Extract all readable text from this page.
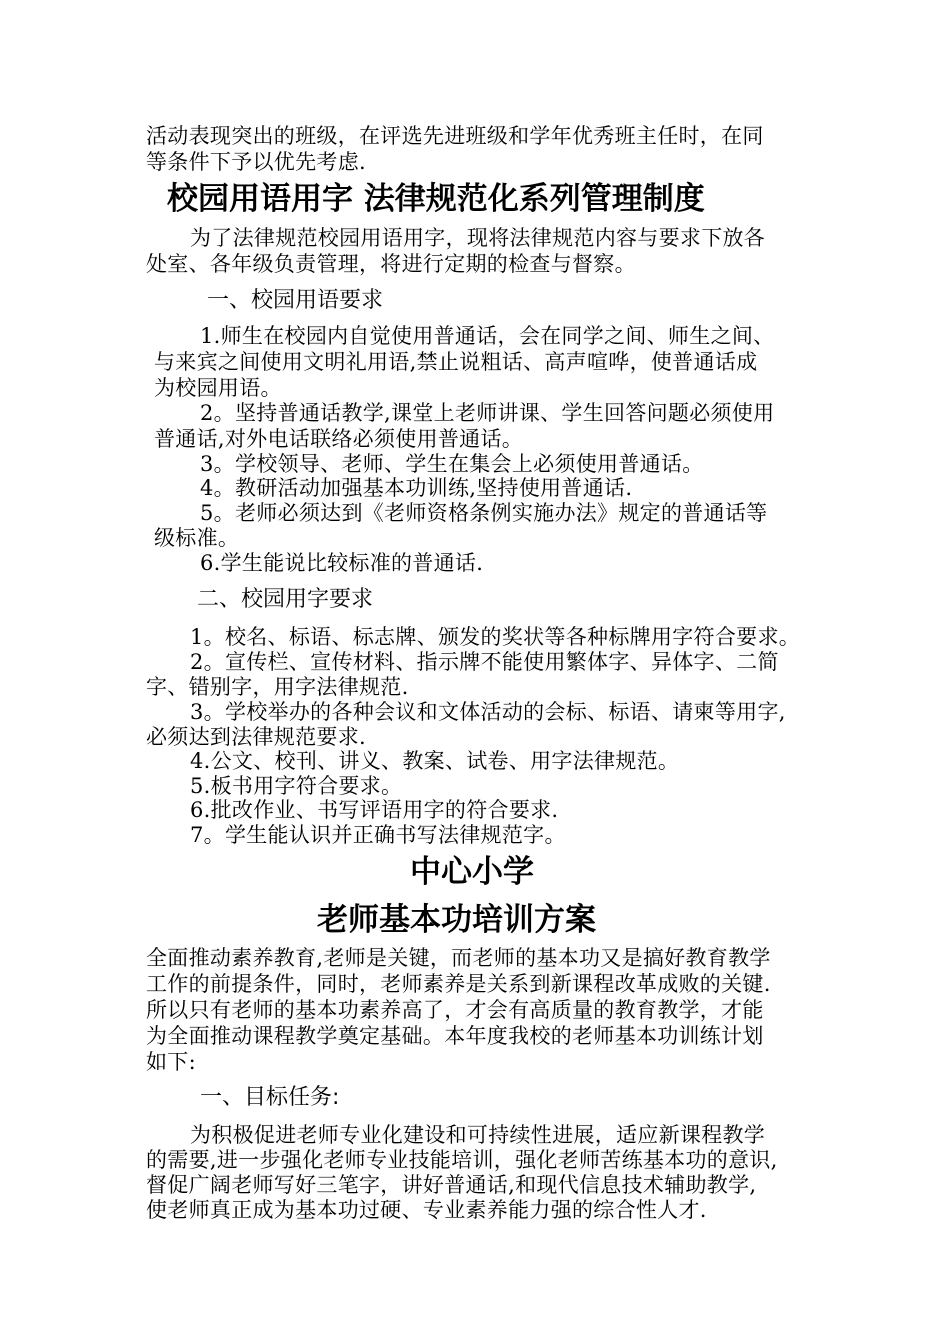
活动表现突出的班级，在评选先进班级和学年优秀班主任时，在同
等条件下予以优先考虑.
校园用语用字 法律规范化系列管理制度
为了法律规范校园用语用字，现将法律规范内容与要求下放各
处室、各年级负责管理，将进行定期的检查与督察。
一、校园用语要求
1.师生在校园内自觉使用普通话，会在同学之间、师生之间、
与来宾之间使用文明礼用语,禁止说粗话、高声喧哗，使普通话成
为校园用语。
2。坚持普通话教学,课堂上老师讲课、学生回答问题必须使用
普通话,对外电话联络必须使用普通话。
3。学校领导、老师、学生在集会上必须使用普通话。
4。教研活动加强基本功训练,坚持使用普通话.
5。老师必须达到《老师资格条例实施办法》规定的普通话等
级标准。
6.学生能说比较标准的普通话.
二、校园用字要求
1。校名、标语、标志牌、颁发的奖状等各种标牌用字符合要求。
2。宣传栏、宣传材料、指示牌不能使用繁体字、异体字、二简
字、错别字，用字法律规范.
3。学校举办的各种会议和文体活动的会标、标语、请柬等用字,
必须达到法律规范要求.
4.公文、校刊、讲义、教案、试卷、用字法律规范。
5.板书用字符合要求。
6.批改作业、书写评语用字的符合要求.
7。学生能认识并正确书写法律规范字。
中心小学
老师基本功培训方案
全面推动素养教育,老师是关键，而老师的基本功又是搞好教育教学
工作的前提条件，同时，老师素养是关系到新课程改革成败的关键.
所以只有老师的基本功素养高了，才会有高质量的教育教学，才能
为全面推动课程教学奠定基础。本年度我校的老师基本功训练计划
如下:
一、目标任务:
为积极促进老师专业化建设和可持续性进展，适应新课程教学
的需要,进一步强化老师专业技能培训，强化老师苦练基本功的意识,
督促广阔老师写好三笔字，讲好普通话,和现代信息技术辅助教学,
使老师真正成为基本功过硬、专业素养能力强的综合性人才.
